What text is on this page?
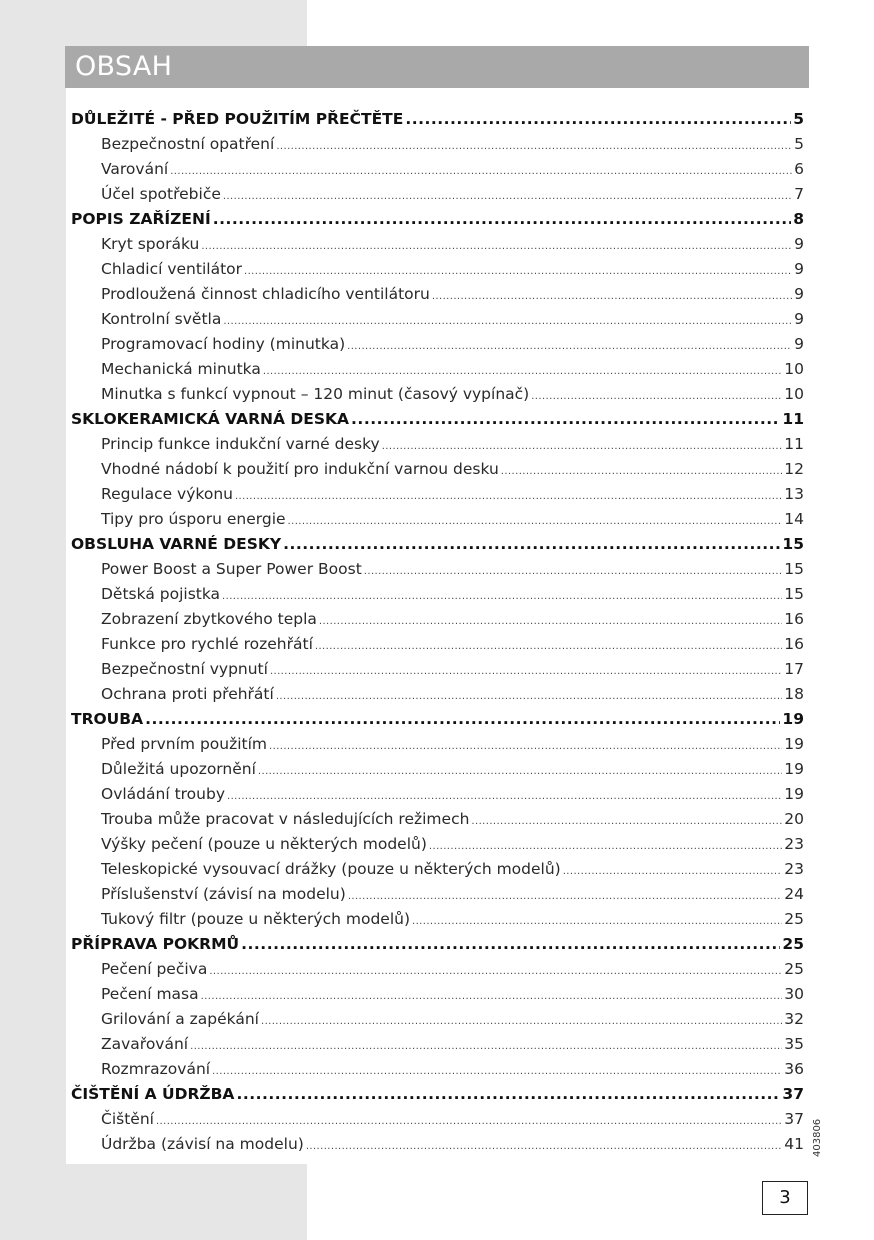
OBSAH
DŮLEŽITÉ - PŘED POUŽITÍM PŘEČTĚTE .....	5
Bezpečnostní opatření .....	5
Varování .....	6
Účel spotřebiče .....	7
POPIS ZAŘÍZENÍ .....	8
Kryt sporáku .....	9
Chladicí ventilátor .....	9
Prodloužená činnost chladicího ventilátoru .....	9
Kontrolní světla .....	9
Programovací hodiny (minutka) .....	9
Mechanická minutka .....	10
Minutka s funkcí vypnout – 120 minut (časový vypínač) .....	10
SKLOKERAMICKÁ VARNÁ DESKA .....	11
Princip funkce indukční varné desky .....	11
Vhodné nádobí k použití pro indukční varnou desku .....	12
Regulace výkonu .....	13
Tipy pro úsporu energie .....	14
OBSLUHA VARNÉ DESKY .....	15
Power Boost a Super Power Boost .....	15
Dětská pojistka .....	15
Zobrazení zbytkového tepla .....	16
Funkce pro rychlé rozehřátí .....	16
Bezpečnostní vypnutí .....	17
Ochrana proti přehřátí .....	18
TROUBA .....	19
Před prvním použitím .....	19
Důležitá upozornění .....	19
Ovládání trouby .....	19
Trouba může pracovat v následujících režimech .....	20
Výšky pečení (pouze u některých modelů) .....	23
Teleskopické vysouvací drážky (pouze u některých modelů) .....	23
Příslušenství (závisí na modelu) .....	24
Tukový filtr (pouze u některých modelů) .....	25
PŘÍPRAVA POKRMŮ .....	25
Pečení pečiva .....	25
Pečení masa .....	30
Grilování a zapékání .....	32
Zavařování .....	35
Rozmrazování .....	36
ČIŠTĚNÍ A ÚDRŽBA .....	37
Čištění .....	37
Údržba (závisí na modelu) .....	41 403806
3
